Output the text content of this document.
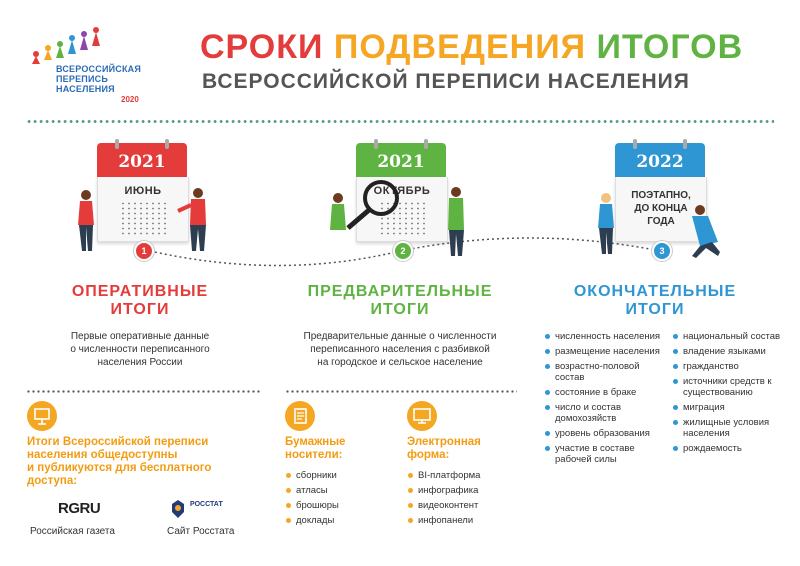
ВСЕРОССИЙСКАЯ
ПЕРЕПИСЬ
НАСЕЛЕНИЯ
2020
СРОКИ ПОДВЕДЕНИЯ ИТОГОВ
ВСЕРОССИЙСКОЙ ПЕРЕПИСИ НАСЕЛЕНИЯ
2021
ИЮНЬ
1
2021
ОКТЯБРЬ
2
2022
ПОЭТАПНО,
ДО КОНЦА
ГОДА
3
ОПЕРАТИВНЫЕ
ИТОГИ
Первые оперативные данные
о численности переписанного
населения России
ПРЕДВАРИТЕЛЬНЫЕ
ИТОГИ
Предварительные данные о численности
переписанного населения с разбивкой
на городское и сельское население
ОКОНЧАТЕЛЬНЫЕ
ИТОГИ
численность населения
размещение населения
возрастно-половой состав
состояние в браке
число и состав домохозяйств
уровень образования
участие в составе рабочей силы
национальный состав
владение языками
гражданство
источники средств к существованию
миграция
жилищные условия населения
рождаемость
Итоги Всероссийской переписи
населения общедоступны
и публикуются для бесплатного
доступа:
RGRU
Российская газета
РОССТАТ
Сайт Росстата
Бумажные
носители:
сборники
атласы
брошюры
доклады
Электронная
форма:
BI-платформа
инфографика
видеоконтент
инфопанели
